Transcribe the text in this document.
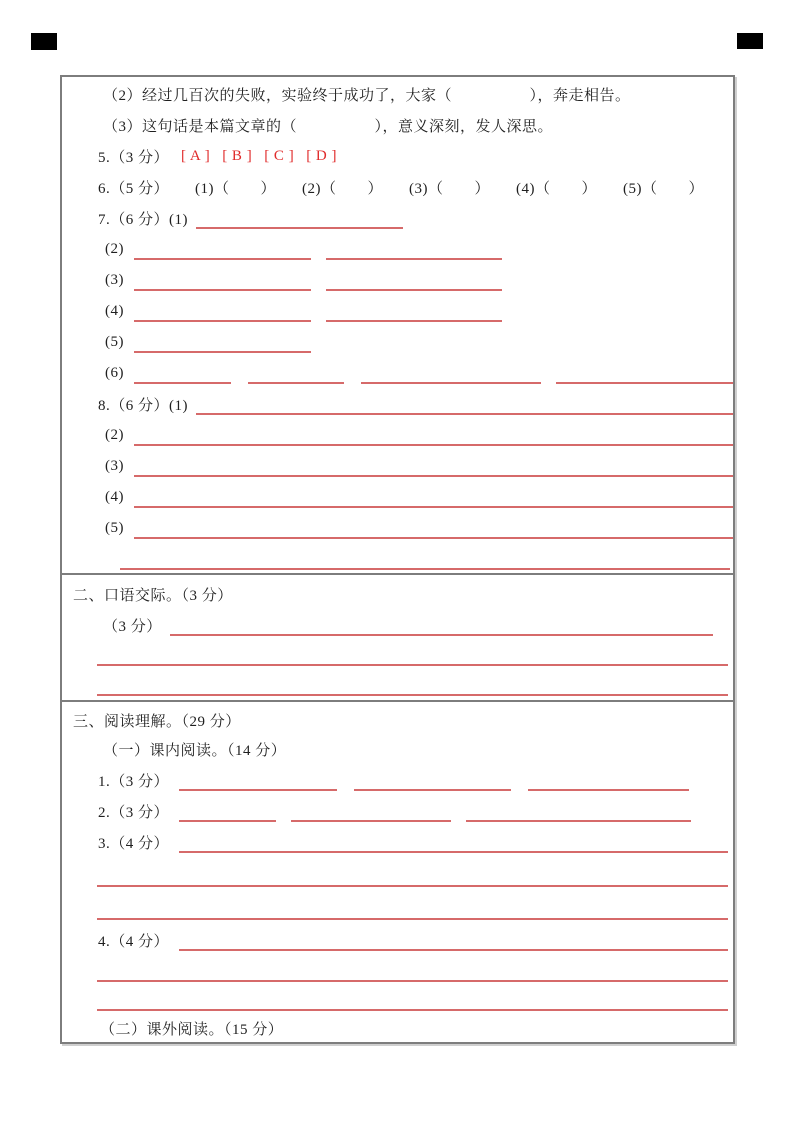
（2）经过几百次的失败，实验终于成功了，大家（　　　　　），奔走相告。
（3）这句话是本篇文章的（　　　　　），意义深刻，发人深思。
5.（3 分） [ A ] [ B ] [ C ] [ D ]
6.（5 分） (1)（　　） (2)（　　） (3)（　　） (4)（　　） (5)（　　）
7.（6 分）(1)
(2)
(3)
(4)
(5)
(6)
8.（6 分）(1)
(2)
(3)
(4)
(5)
二、口语交际。（3 分）
（3 分）
三、阅读理解。（29 分）
（一）课内阅读。（14 分）
1.（3 分）
2.（3 分）
3.（4 分）
4.（4 分）
（二）课外阅读。（15 分）
